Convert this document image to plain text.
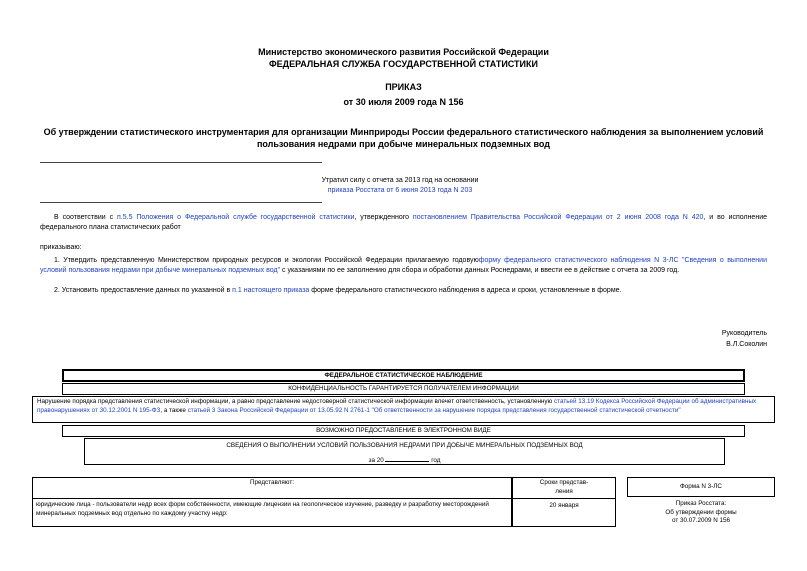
Министерство экономического развития Российской Федерации
ФЕДЕРАЛЬНАЯ СЛУЖБА ГОСУДАРСТВЕННОЙ СТАТИСТИКИ
ПРИКАЗ
от 30 июля 2009 года N 156
Об утверждении статистического инструментария для организации Минприроды России федерального статистического наблюдения за выполнением условий пользования недрами при добыче минеральных подземных вод
Утратил силу с отчета за 2013 год на основании
приказа Росстата от 6 июня 2013 года N 203
В соответствии с п.5.5 Положения о Федеральной службе государственной статистики, утвержденного постановлением Правительства Российской Федерации от 2 июня 2008 года N 420, и во исполнение федерального плана статистических работ
приказываю:
1. Утвердить представленную Министерством природных ресурсов и экологии Российской Федерации прилагаемую годовуюформу федерального статистического наблюдения N 3-ЛС "Сведения о выполнении условий пользования недрами при добыче минеральных подземных вод" с указаниями по ее заполнению для сбора и обработки данных Роснедрами, и ввести ее в действие с отчета за 2009 год.
2. Установить предоставление данных по указанной в п.1 настоящего приказа форме федерального статистического наблюдения в адреса и сроки, установленные в форме.
Руководитель
В.Л.Соколин
ФЕДЕРАЛЬНОЕ СТАТИСТИЧЕСКОЕ НАБЛЮДЕНИЕ
КОНФИДЕНЦИАЛЬНОСТЬ ГАРАНТИРУЕТСЯ ПОЛУЧАТЕЛЕМ ИНФОРМАЦИИ
Нарушение порядка представления статистической информации, а равно представление недостоверной статистической информации влечет ответственность, установленную статьей 13.19 Кодекса Российской Федерации об административных правонарушениях от 30.12.2001 N 195-ФЗ, а также статьей 3 Закона Российской Федерации от 13.05.92 N 2761-1 "Об ответственности за нарушение порядка представления государственной статистической отчетности"
ВОЗМОЖНО ПРЕДОСТАВЛЕНИЕ В ЭЛЕКТРОННОМ ВИДЕ
СВЕДЕНИЯ О ВЫПОЛНЕНИИ УСЛОВИЙ ПОЛЬЗОВАНИЯ НЕДРАМИ ПРИ ДОБЫЧЕ МИНЕРАЛЬНЫХ ПОДЗЕМНЫХ ВОД
за 20	год
Представляют:
юридические лица - пользователи недр всех форм собственности, имеющие лицензии на геологическое изучение, разведку и разработку месторождений минеральных подземных вод отдельно по каждому участку недр:
Сроки представ-
ления
20 января
Форма N 3-ЛС
Приказ Росстата:
Об утверждении формы
от 30.07.2009 N 156
